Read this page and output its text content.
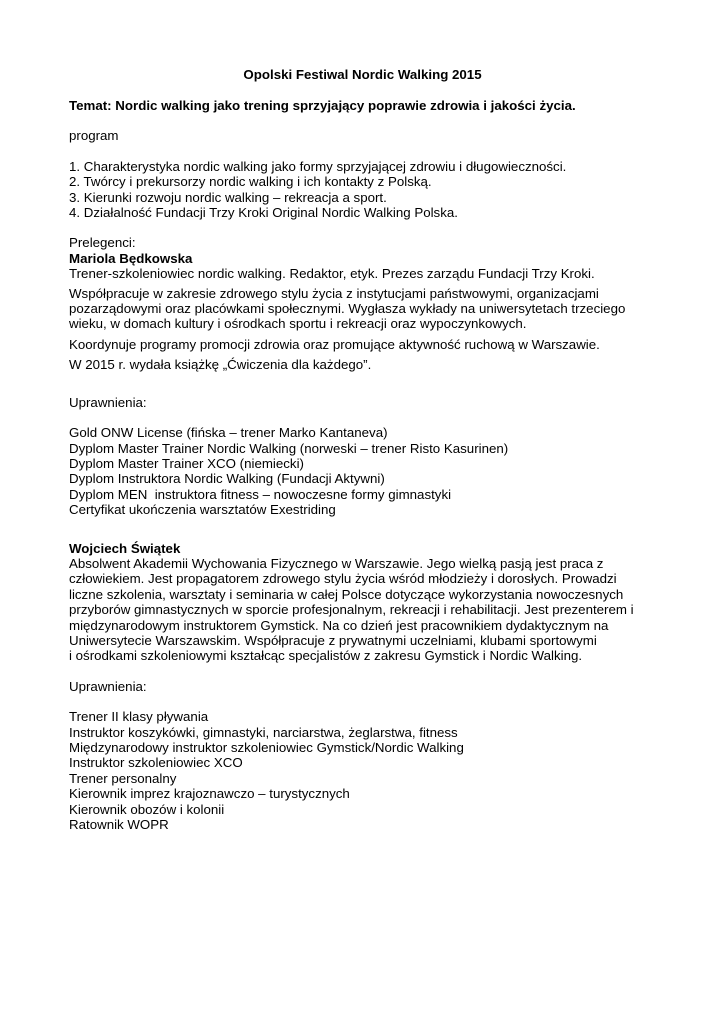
Opolski Festiwal Nordic Walking 2015

Temat: Nordic walking jako trening sprzyjający poprawie zdrowia i jakości życia.

program

1. Charakterystyka nordic walking jako formy sprzyjającej zdrowiu i długowieczności.
2. Twórcy i prekursorzy nordic walking i ich kontakty z Polską.
3. Kierunki rozwoju nordic walking – rekreacja a sport.
4. Działalność Fundacji Trzy Kroki Original Nordic Walking Polska.

Prelegenci:

Mariola Będkowska

Trener-szkoleniowiec nordic walking. Redaktor, etyk. Prezes zarządu Fundacji Trzy Kroki.

Współpracuje w zakresie zdrowego stylu życia z instytucjami państwowymi, organizacjami
pozarządowymi oraz placówkami społecznymi. Wygłasza wykłady na uniwersytetach trzeciego
wieku, w domach kultury i ośrodkach sportu i rekreacji oraz wypoczynkowych.

Koordynuje programy promocji zdrowia oraz promujące aktywność ruchową w Warszawie.

W 2015 r. wydała książkę „Ćwiczenia dla każdego”.

Uprawnienia:

Gold ONW License (fińska – trener Marko Kantaneva)
Dyplom Master Trainer Nordic Walking (norweski – trener Risto Kasurinen)
Dyplom Master Trainer XCO (niemiecki)
Dyplom Instruktora Nordic Walking (Fundacji Aktywni)
Dyplom MEN  instruktora fitness – nowoczesne formy gimnastyki
Certyfikat ukończenia warsztatów Exestriding

Wojciech Świątek

Absolwent Akademii Wychowania Fizycznego w Warszawie. Jego wielką pasją jest praca z
człowiekiem. Jest propagatorem zdrowego stylu życia wśród młodzieży i dorosłych. Prowadzi
liczne szkolenia, warsztaty i seminaria w całej Polsce dotyczące wykorzystania nowoczesnych
przyborów gimnastycznych w sporcie profesjonalnym, rekreacji i rehabilitacji. Jest prezenterem i
międzynarodowym instruktorem Gymstick. Na co dzień jest pracownikiem dydaktycznym na
Uniwersytecie Warszawskim. Współpracuje z prywatnymi uczelniami, klubami sportowymi
i ośrodkami szkoleniowymi kształcąc specjalistów z zakresu Gymstick i Nordic Walking.

Uprawnienia:

Trener II klasy pływania
Instruktor koszykówki, gimnastyki, narciarstwa, żeglarstwa, fitness
Międzynarodowy instruktor szkoleniowiec Gymstick/Nordic Walking
Instruktor szkoleniowiec XCO
Trener personalny
Kierownik imprez krajoznawczo – turystycznych
Kierownik obozów i kolonii
Ratownik WOPR
